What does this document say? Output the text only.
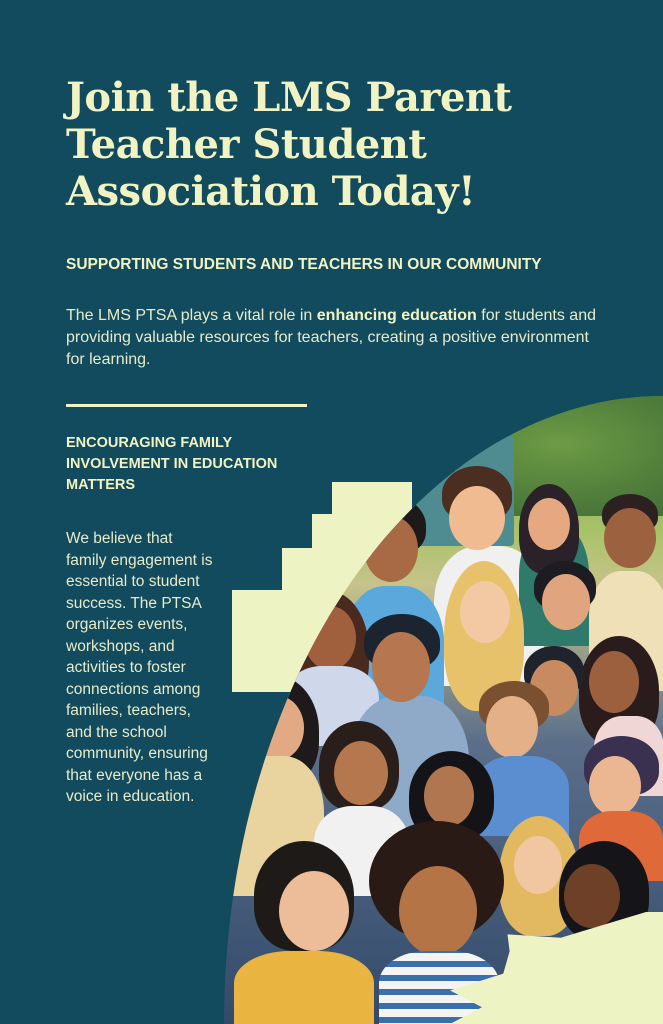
Join the LMS Parent Teacher Student Association Today!
SUPPORTING STUDENTS AND TEACHERS IN OUR COMMUNITY

The LMS PTSA plays a vital role in enhancing education for students and providing valuable resources for teachers, creating a positive environment for learning.

ENCOURAGING FAMILY INVOLVEMENT IN EDUCATION MATTERS

We believe that family engagement is essential to student success. The PTSA organizes events, workshops, and activities to foster connections among families, teachers, and the school community, ensuring that everyone has a voice in education.
